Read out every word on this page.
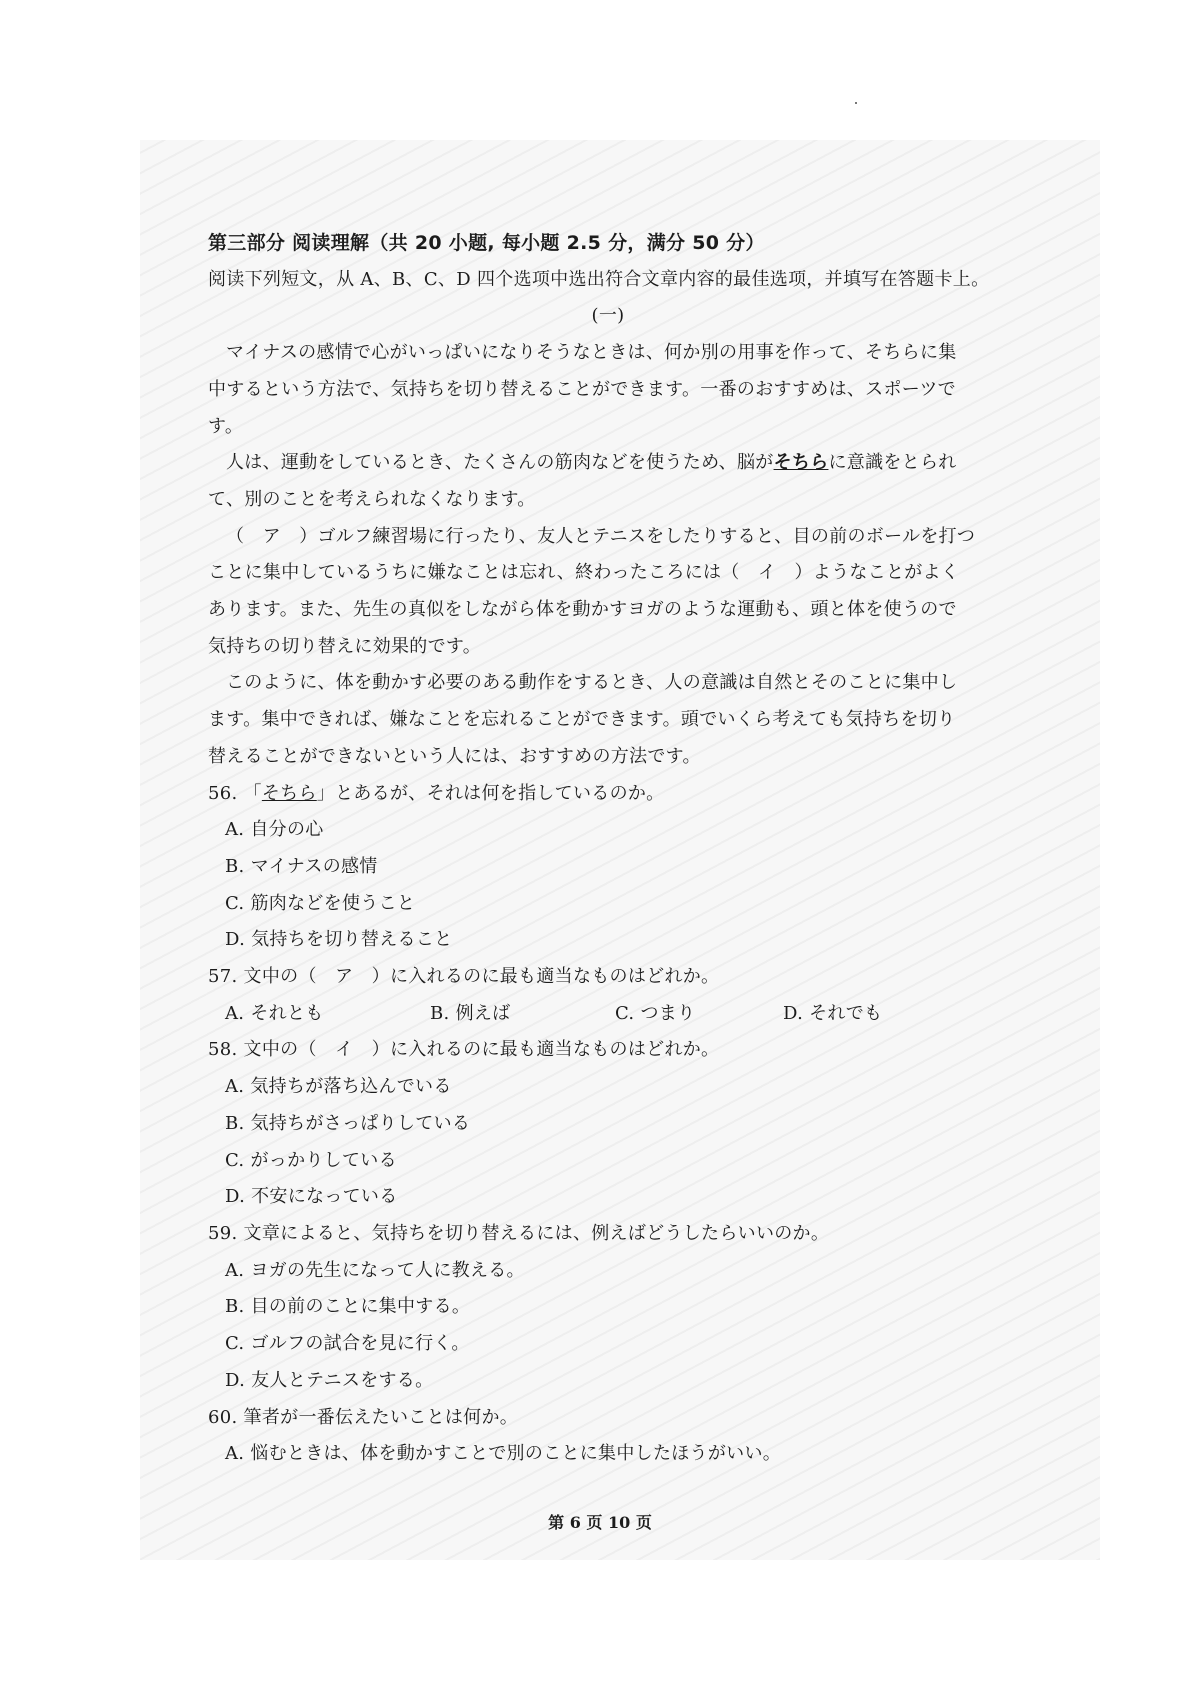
第三部分 阅读理解（共 20 小题, 每小题 2.5 分，满分 50 分）
阅读下列短文，从 A、B、C、D 四个选项中选出符合文章内容的最佳选项，并填写在答题卡上。
(一)
マイナスの感情で心がいっぱいになりそうなときは、何か別の用事を作って、そちらに集
中するという方法で、気持ちを切り替えることができます。一番のおすすめは、スポーツで
す。
人は、運動をしているとき、たくさんの筋肉などを使うため、脳がそちらに意識をとられ
て、別のことを考えられなくなります。
（　ア　）ゴルフ練習場に行ったり、友人とテニスをしたりすると、目の前のボールを打つ
ことに集中しているうちに嫌なことは忘れ、終わったころには（　イ　）ようなことがよく
あります。また、先生の真似をしながら体を動かすヨガのような運動も、頭と体を使うので
気持ちの切り替えに効果的です。
このように、体を動かす必要のある動作をするとき、人の意識は自然とそのことに集中し
ます。集中できれば、嫌なことを忘れることができます。頭でいくら考えても気持ちを切り
替えることができないという人には、おすすめの方法です。
56. 「そちら」とあるが、それは何を指しているのか。
A. 自分の心
B. マイナスの感情
C. 筋肉などを使うこと
D. 気持ちを切り替えること
57. 文中の（　ア　）に入れるのに最も適当なものはどれか。
A. それとも	B. 例えば	C. つまり	D. それでも
58. 文中の（　イ　）に入れるのに最も適当なものはどれか。
A. 気持ちが落ち込んでいる
B. 気持ちがさっぱりしている
C. がっかりしている
D. 不安になっている
59. 文章によると、気持ちを切り替えるには、例えばどうしたらいいのか。
A. ヨガの先生になって人に教える。
B. 目の前のことに集中する。
C. ゴルフの試合を見に行く。
D. 友人とテニスをする。
60. 筆者が一番伝えたいことは何か。
A. 悩むときは、体を動かすことで別のことに集中したほうがいい。
第 6 页 10 页
